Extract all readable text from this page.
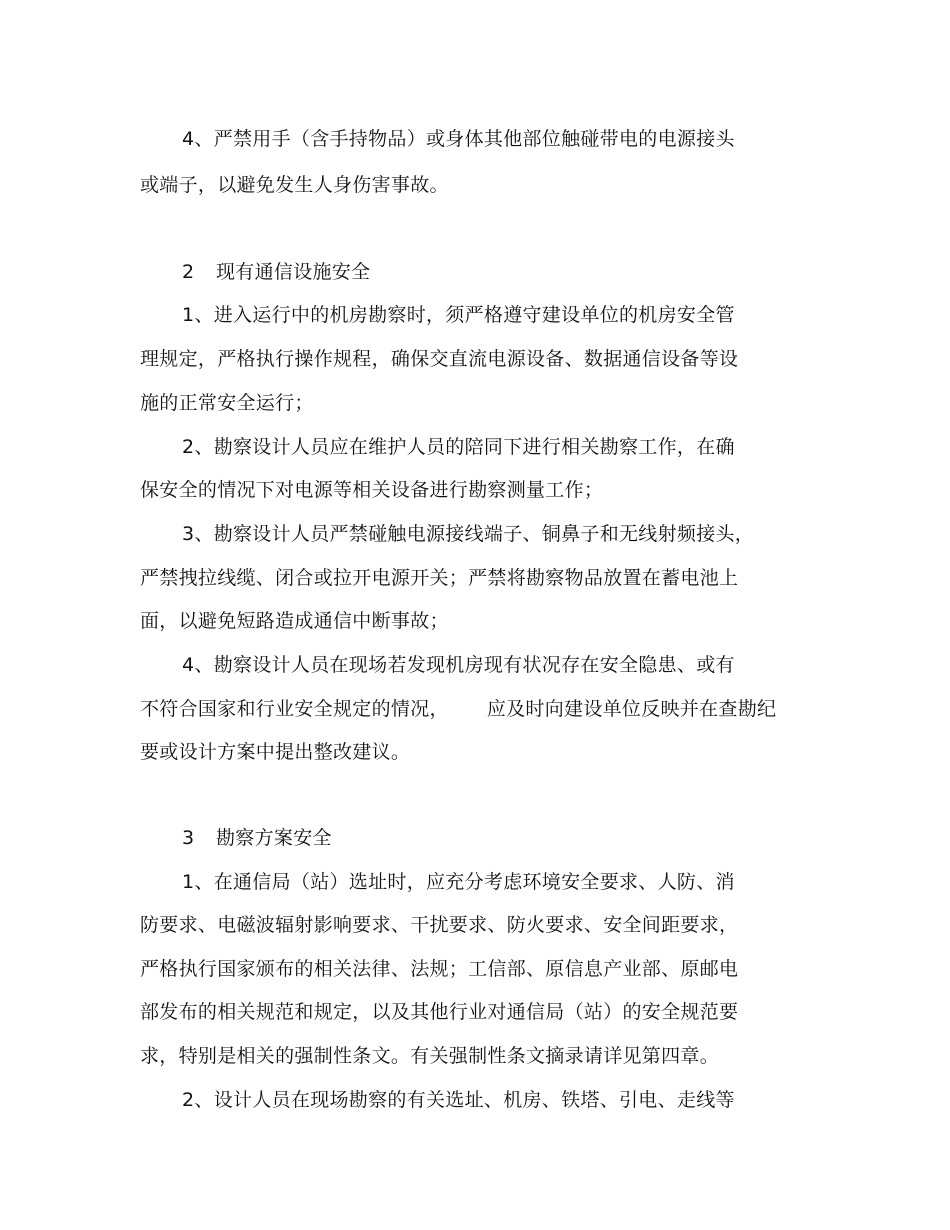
4、严禁用手（含手持物品）或身体其他部位触碰带电的电源接头
或端子，以避免发生人身伤害事故。
2 现有通信设施安全
1、进入运行中的机房勘察时，须严格遵守建设单位的机房安全管
理规定，严格执行操作规程，确保交直流电源设备、数据通信设备等设
施的正常安全运行；
2、勘察设计人员应在维护人员的陪同下进行相关勘察工作，在确
保安全的情况下对电源等相关设备进行勘察测量工作；
3、勘察设计人员严禁碰触电源接线端子、铜鼻子和无线射频接头，
严禁拽拉线缆、闭合或拉开电源开关；严禁将勘察物品放置在蓄电池上
面，以避免短路造成通信中断事故；
4、勘察设计人员在现场若发现机房现有状况存在安全隐患、或有
不符合国家和行业安全规定的情况， 应及时向建设单位反映并在查勘纪
要或设计方案中提出整改建议。
3 勘察方案安全
1、在通信局（站）选址时，应充分考虑环境安全要求、人防、消
防要求、电磁波辐射影响要求、干扰要求、防火要求、安全间距要求，
严格执行国家颁布的相关法律、法规；工信部、原信息产业部、原邮电
部发布的相关规范和规定，以及其他行业对通信局（站）的安全规范要
求，特别是相关的强制性条文。有关强制性条文摘录请详见第四章。
2、设计人员在现场勘察的有关选址、机房、铁塔、引电、走线等
